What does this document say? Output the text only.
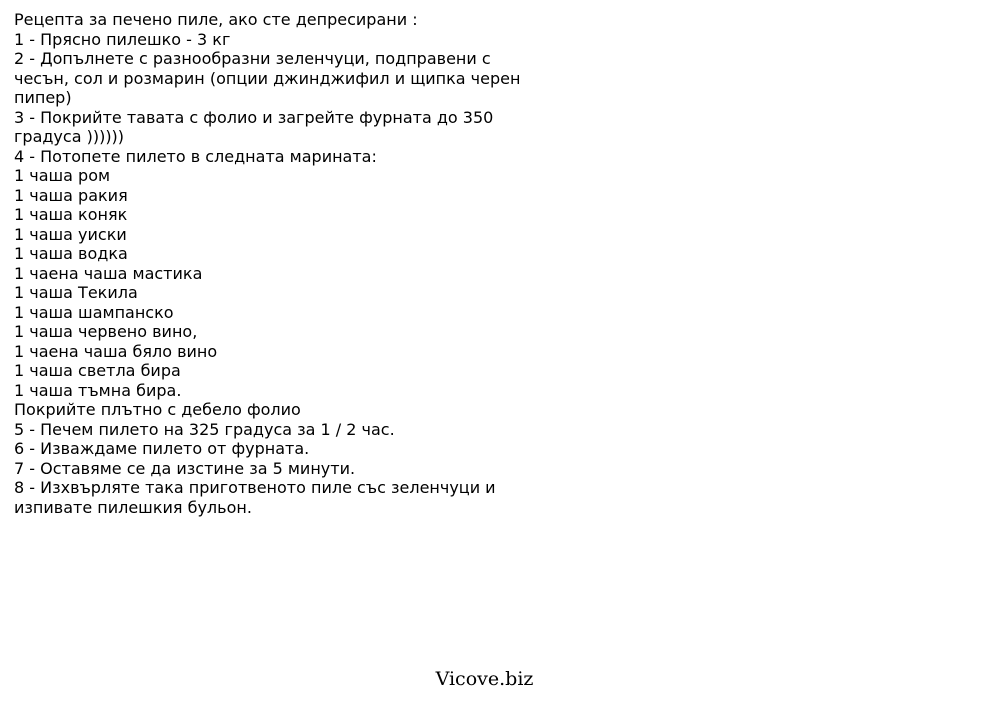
Рецепта за печено пиле, ако сте депресирани :
1 - Прясно пилешко - 3 кг
2 - Допълнете с разнообразни зеленчуци, подправени с
чесън, сол и розмарин (опции джинджифил и щипка черен
пипер)
3 - Покрийте тавата с фолио и загрейте фурната до 350
градуса ))))))
4 - Потопете пилето в следната марината:
1 чаша ром
1 чаша ракия
1 чаша коняк
1 чаша уиски
1 чаша водка
1 чаена чаша мастика
1 чаша Текила
1 чаша шампанско
1 чаша червено вино,
1 чаена чаша бяло вино
1 чаша светла бира
1 чаша тъмна бира.
Покрийте плътно с дебело фолио
5 - Печем пилето на 325 градуса за 1 / 2 час.
6 - Изваждаме пилето от фурната.
7 - Оставяме се да изстине за 5 минути.
8 - Изхвърляте така приготвеното пиле със зеленчуци и
изпивате пилешкия бульон.
Vicove.biz
